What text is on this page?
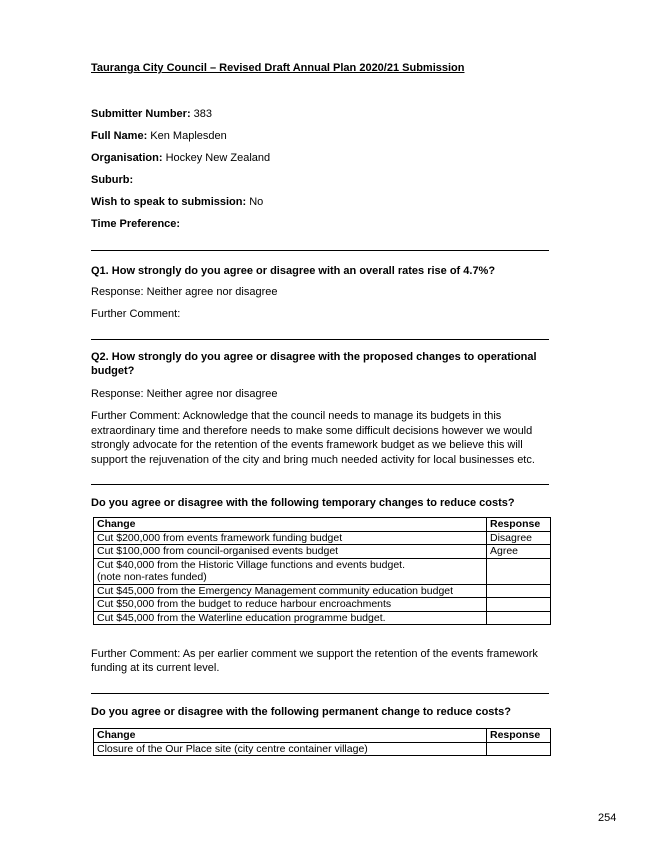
Tauranga City Council – Revised Draft Annual Plan 2020/21 Submission
Submitter Number: 383
Full Name: Ken Maplesden
Organisation: Hockey New Zealand
Suburb:
Wish to speak to submission: No
Time Preference:
Q1. How strongly do you agree or disagree with an overall rates rise of 4.7%?
Response: Neither agree nor disagree
Further Comment:
Q2. How strongly do you agree or disagree with the proposed changes to operational budget?
Response: Neither agree nor disagree
Further Comment: Acknowledge that the council needs to manage its budgets in this extraordinary time and therefore needs to make some difficult decisions however we would strongly advocate for the retention of the events framework budget as we believe this will support the rejuvenation of the city and bring much needed activity for local businesses etc.
Do you agree or disagree with the following temporary changes to reduce costs?
Change	Response
Cut $200,000 from events framework funding budget	Disagree
Cut $100,000 from council-organised events budget	Agree

Cut $40,000 from the Historic Village functions and events budget.
(note non-rates funded)	

Cut $45,000 from the Emergency Management community education budget	
Cut $50,000 from the budget to reduce harbour encroachments	
Cut $45,000 from the Waterline education programme budget.	
Further Comment: As per earlier comment we support the retention of the events framework funding at its current level.
Do you agree or disagree with the following permanent change to reduce costs?
Change	Response
Closure of the Our Place site (city centre container village)	
254
